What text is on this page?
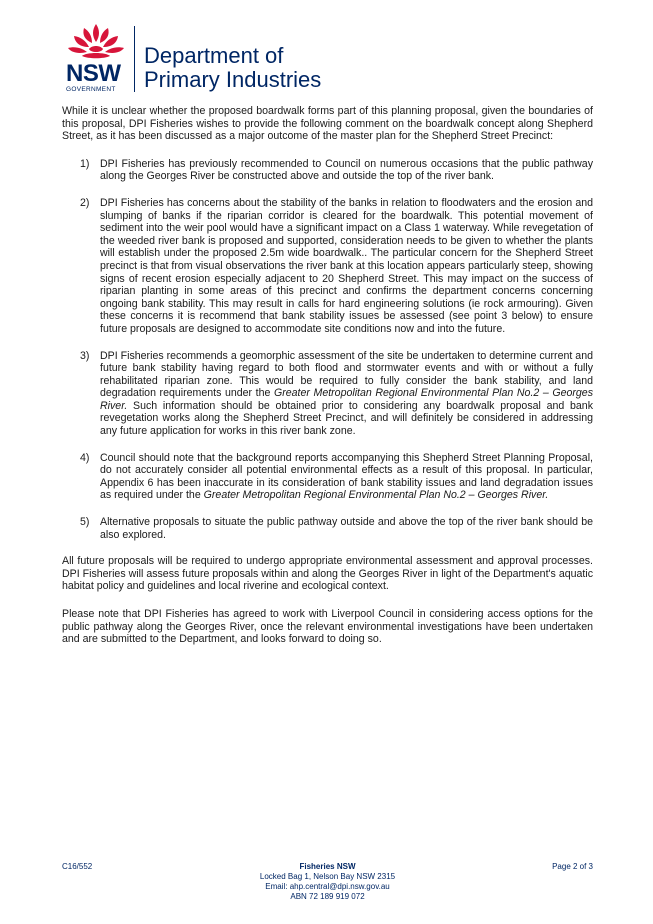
NSW
GOVERNMENT
Department of
Primary Industries

While it is unclear whether the proposed boardwalk forms part of this planning proposal, given the boundaries of this proposal, DPI Fisheries wishes to provide the following comment on the boardwalk concept along Shepherd Street, as it has been discussed as a major outcome of the master plan for the Shepherd Street Precinct:

1) DPI Fisheries has previously recommended to Council on numerous occasions that the public pathway along the Georges River be constructed above and outside the top of the river bank.
2) DPI Fisheries has concerns about the stability of the banks in relation to floodwaters and the erosion and slumping of banks if the riparian corridor is cleared for the boardwalk. This potential movement of sediment into the weir pool would have a significant impact on a Class 1 waterway. While revegetation of the weeded river bank is proposed and supported, consideration needs to be given to whether the plants will establish under the proposed 2.5m wide boardwalk.. The particular concern for the Shepherd Street precinct is that from visual observations the river bank at this location appears particularly steep, showing signs of recent erosion especially adjacent to 20 Shepherd Street. This may impact on the success of riparian planting in some areas of this precinct and confirms the department concerns concerning ongoing bank stability. This may result in calls for hard engineering solutions (ie rock armouring). Given these concerns it is recommend that bank stability issues be assessed (see point 3 below) to ensure future proposals are designed to accommodate site conditions now and into the future.
3) DPI Fisheries recommends a geomorphic assessment of the site be undertaken to determine current and future bank stability having regard to both flood and stormwater events and with or without a fully rehabilitated riparian zone. This would be required to fully consider the bank stability, and land degradation requirements under the Greater Metropolitan Regional Environmental Plan No.2 – Georges River. Such information should be obtained prior to considering any boardwalk proposal and bank revegetation works along the Shepherd Street Precinct, and will definitely be considered in addressing any future application for works in this river bank zone.
4) Council should note that the background reports accompanying this Shepherd Street Planning Proposal, do not accurately consider all potential environmental effects as a result of this proposal. In particular, Appendix 6 has been inaccurate in its consideration of bank stability issues and land degradation issues as required under the Greater Metropolitan Regional Environmental Plan No.2 – Georges River.
5) Alternative proposals to situate the public pathway outside and above the top of the river bank should be also explored.

All future proposals will be required to undergo appropriate environmental assessment and approval processes. DPI Fisheries will assess future proposals within and along the Georges River in light of the Department's aquatic habitat policy and guidelines and local riverine and ecological context.

Please note that DPI Fisheries has agreed to work with Liverpool Council in considering access options for the public pathway along the Georges River, once the relevant environmental investigations have been undertaken and are submitted to the Department, and looks forward to doing so.

C16/552	Fisheries NSW
Locked Bag 1, Nelson Bay NSW 2315
Email: ahp.central@dpi.nsw.gov.au
ABN 72 189 919 072
Page 2 of 3
